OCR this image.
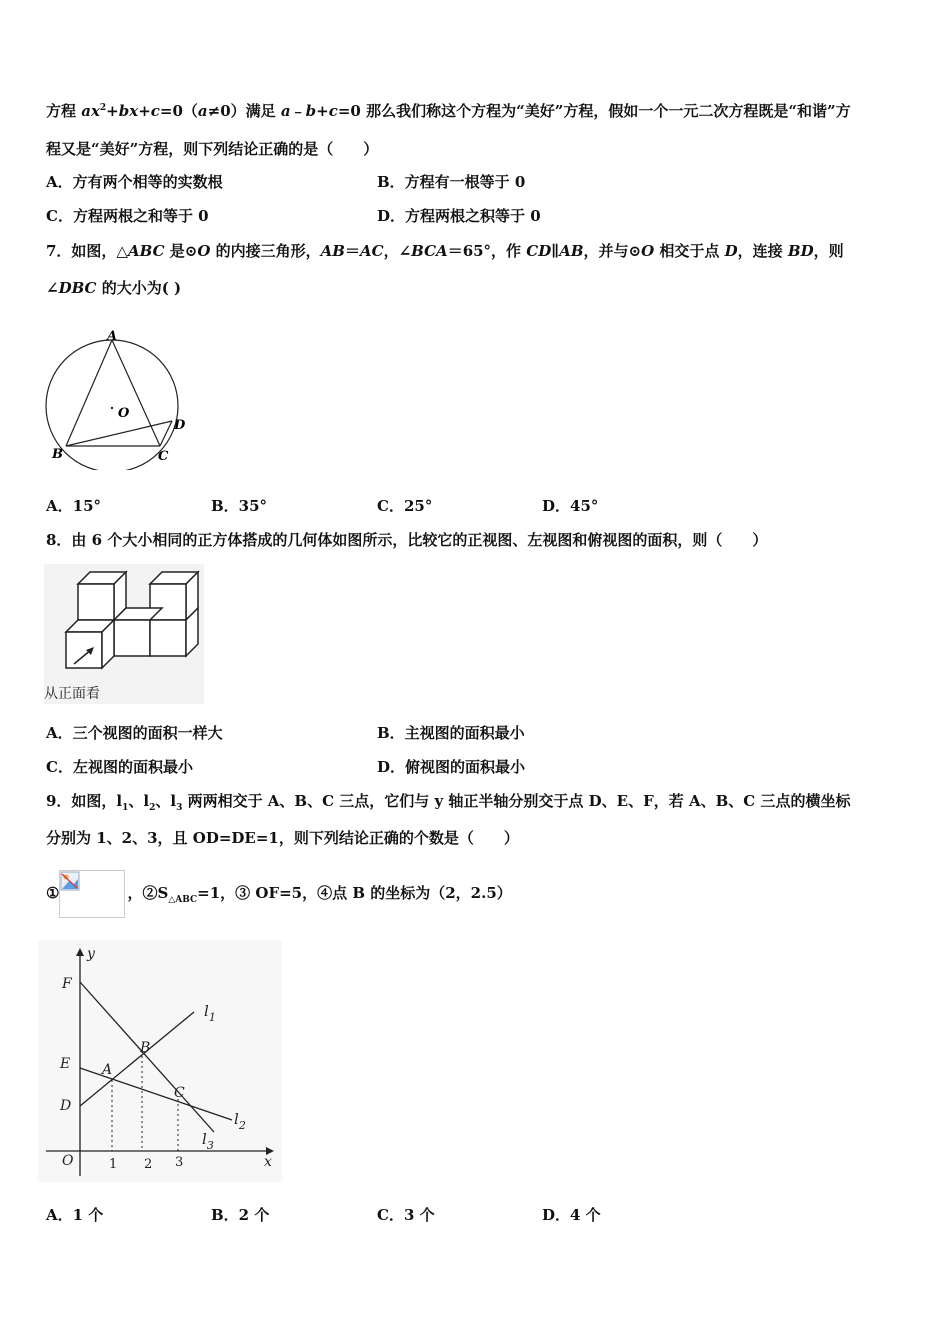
方程 $ax^2+bx+c=0(a\ne 0)$满足 a﹣b+c=0 那么我们称这个方程为“美好”方程，假如一个一元二次方程既是“和谐”方
程又是“美好”方程，则下列结论正确的是（　　）
A．方有两个相等的实数根	B．方程有一根等于 0
C．方程两根之和等于 0	D．方程两根之积等于 0
7．如图，△ABC 是⊙O 的内接三角形，AB＝AC，∠BCA＝65°，作 CD∥AB，并与⊙O 相交于点 D，连接 BD，则
∠DBC 的大小为( )
A
O
D
B	C
A．15°	B．35°	C．25°	D．45°
8．由 6 个大小相同的正方体搭成的几何体如图所示，比较它的正视图、左视图和俯视图的面积，则（　　）
从正面看
A．三个视图的面积一样大	B．主视图的面积最小
C．左视图的面积最小	D．俯视图的面积最小
9．如图，$l_1$、$l_2$、$l_3$ 两两相交于 A、B、C 三点，它们与 y 轴正半轴分别交于点 D、E、F，若 A、B、C 三点的横坐标
分别为 1、2、3，且 OD=DE=1，则下列结论正确的个数是（　　）
①	，$②S_{\triangle ABC}=1$，③ OF=5，④点 B 的坐标为（2，2.5）
y
x
F
E
D
O
A
B
C
$l_1$
$l_2$
$l_3$
1 2 3
A．1 个	B．2 个	C．3 个	D．4 个
